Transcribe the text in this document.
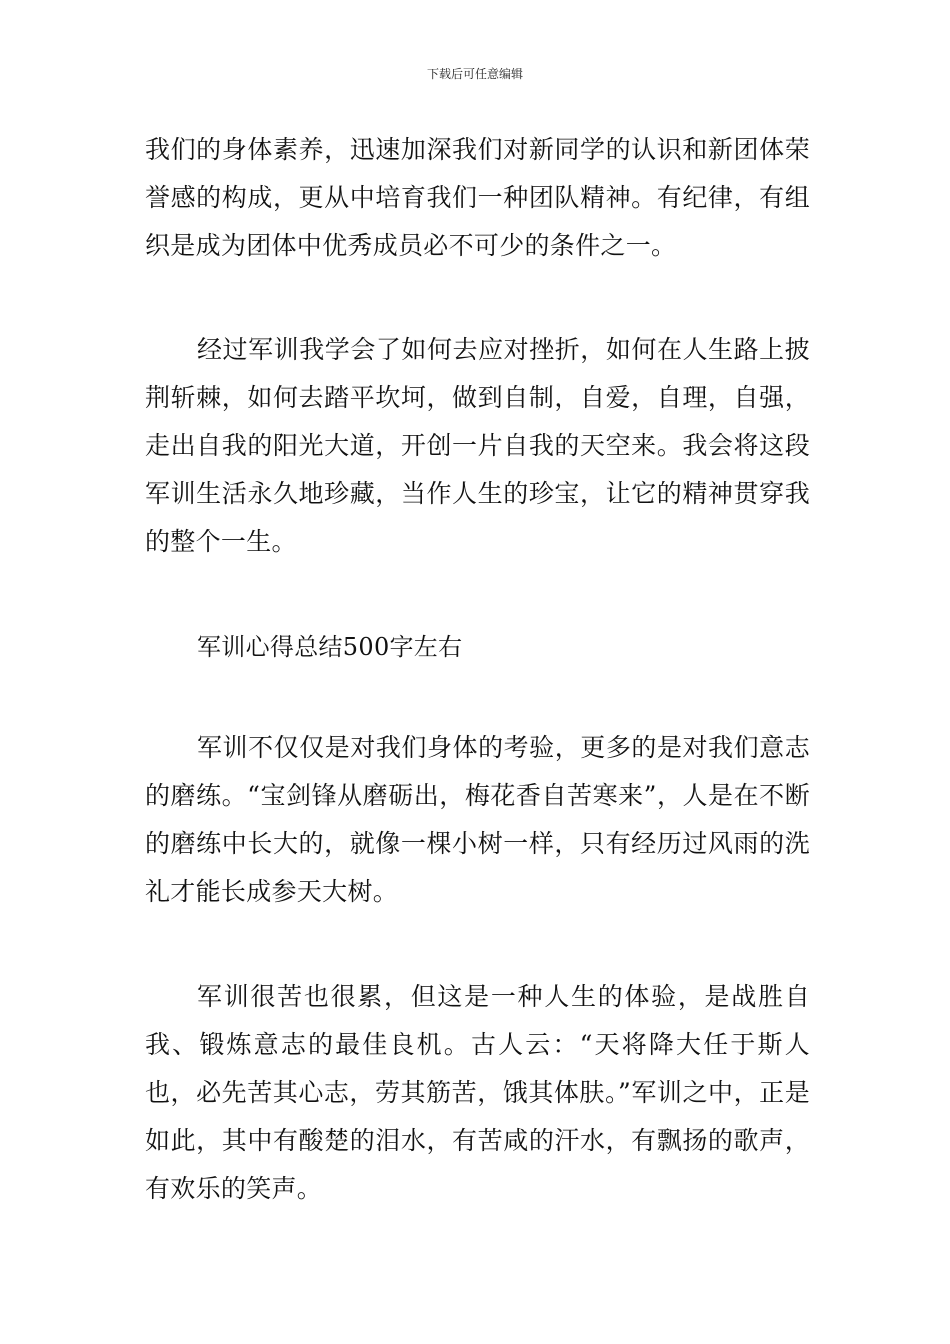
下载后可任意编辑

我们的身体素养，迅速加深我们对新同学的认识和新团体荣誉感的构成，更从中培育我们一种团队精神。有纪律，有组织是成为团体中优秀成员必不可少的条件之一。

经过军训我学会了如何去应对挫折，如何在人生路上披荆斩棘，如何去踏平坎坷，做到自制，自爱，自理，自强，走出自我的阳光大道，开创一片自我的天空来。我会将这段军训生活永久地珍藏，当作人生的珍宝，让它的精神贯穿我的整个一生。

军训心得总结500字左右

军训不仅仅是对我们身体的考验，更多的是对我们意志的磨练。“宝剑锋从磨砺出，梅花香自苦寒来”，人是在不断的磨练中长大的，就像一棵小树一样，只有经历过风雨的洗礼才能长成参天大树。

军训很苦也很累，但这是一种人生的体验，是战胜自我、锻炼意志的最佳良机。古人云：“天将降大任于斯人也，必先苦其心志，劳其筋苦，饿其体肤。”军训之中，正是如此，其中有酸楚的泪水，有苦咸的汗水，有飘扬的歌声，有欢乐的笑声。
